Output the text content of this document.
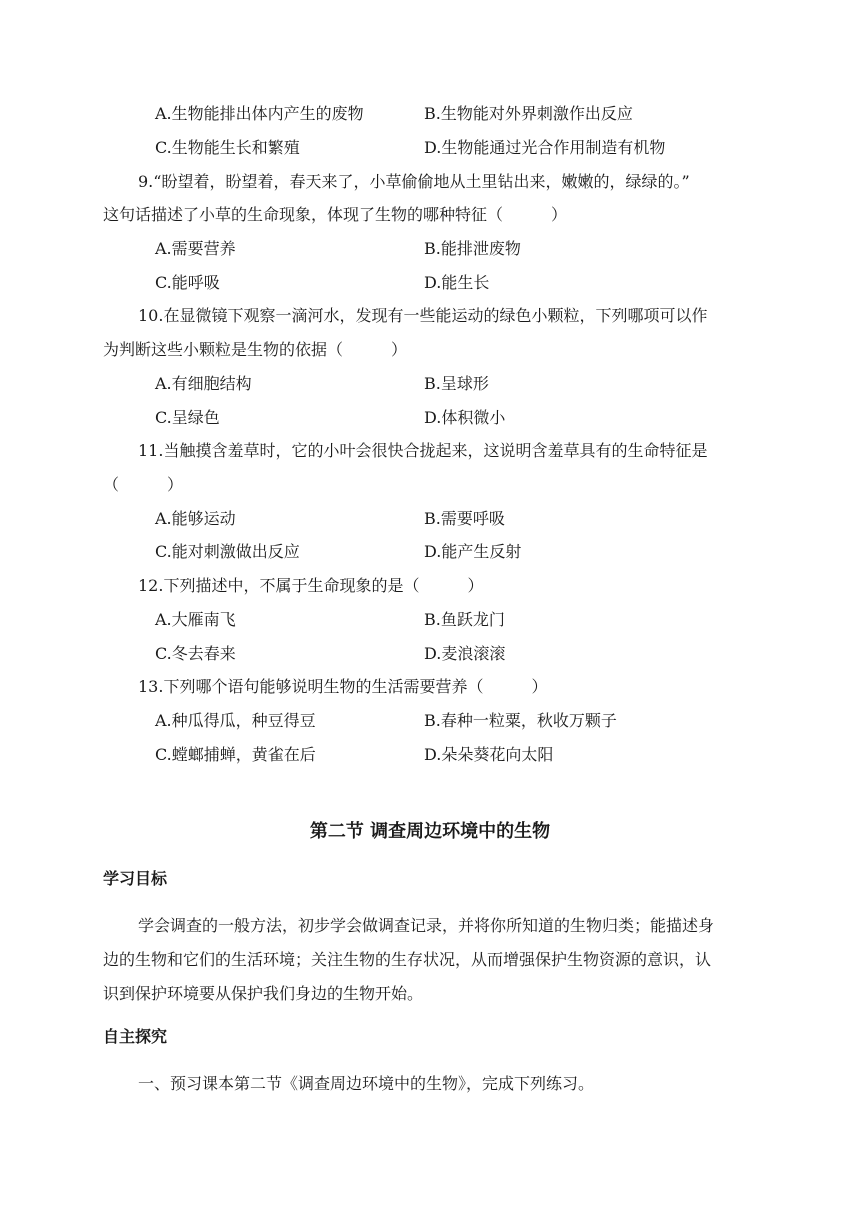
A.生物能排出体内产生的废物	B.生物能对外界刺激作出反应
C.生物能生长和繁殖	D.生物能通过光合作用制造有机物
9.“盼望着，盼望着，春天来了，小草偷偷地从土里钻出来，嫩嫩的，绿绿的。”
这句话描述了小草的生命现象，体现了生物的哪种特征（　　　）
A.需要营养	B.能排泄废物
C.能呼吸	D.能生长
10.在显微镜下观察一滴河水，发现有一些能运动的绿色小颗粒，下列哪项可以作
为判断这些小颗粒是生物的依据（　　　）
A.有细胞结构	B.呈球形
C.呈绿色	D.体积微小
11.当触摸含羞草时，它的小叶会很快合拢起来，这说明含羞草具有的生命特征是
（　　　）
A.能够运动	B.需要呼吸
C.能对刺激做出反应	D.能产生反射
12.下列描述中，不属于生命现象的是（　　　）
A.大雁南飞	B.鱼跃龙门
C.冬去春来	D.麦浪滚滚
13.下列哪个语句能够说明生物的生活需要营养（　　　）
A.种瓜得瓜，种豆得豆	B.春种一粒粟，秋收万颗子
C.螳螂捕蝉，黄雀在后	D.朵朵葵花向太阳
第二节 调查周边环境中的生物
学习目标
学会调查的一般方法，初步学会做调查记录，并将你所知道的生物归类；能描述身
边的生物和它们的生活环境；关注生物的生存状况，从而增强保护生物资源的意识，认
识到保护环境要从保护我们身边的生物开始。
自主探究
一、预习课本第二节《调查周边环境中的生物》，完成下列练习。
